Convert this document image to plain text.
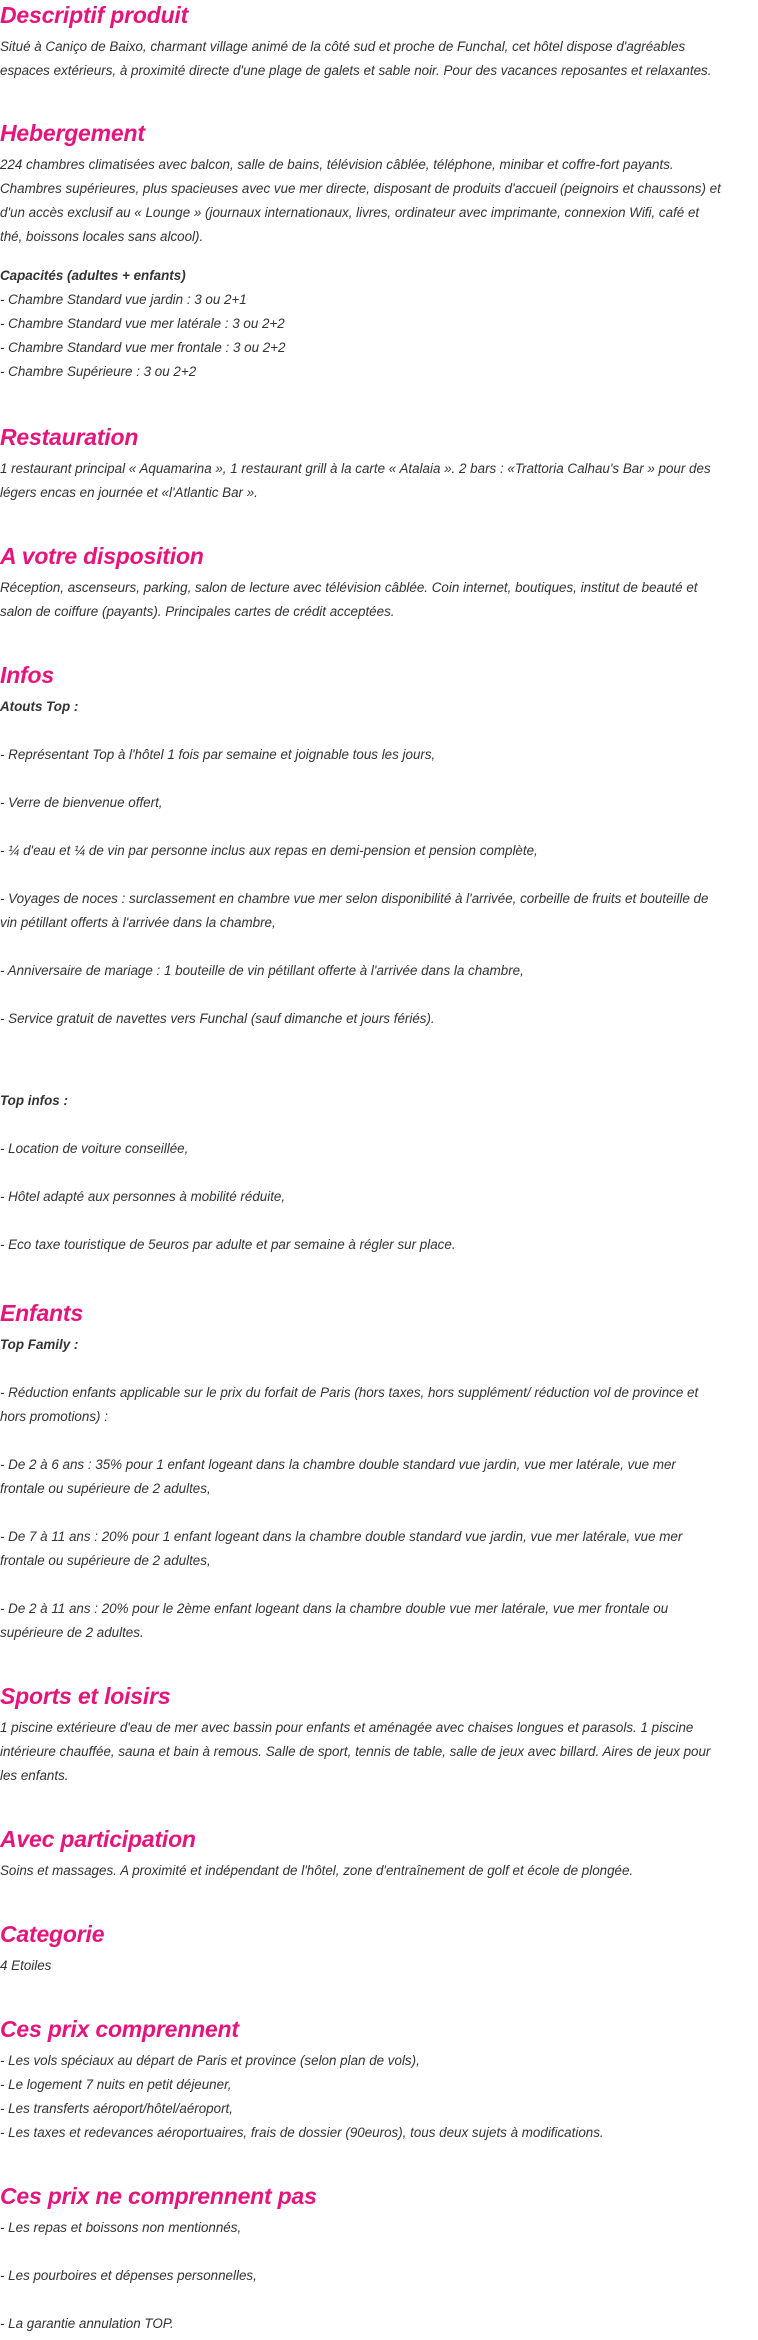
Descriptif produit

Situé à Caniço de Baixo, charmant village animé de la côté sud et proche de Funchal, cet hôtel dispose d'agréables

espaces extérieurs, à proximité directe d'une plage de galets et sable noir. Pour des vacances reposantes et relaxantes.

Hebergement

224 chambres climatisées avec balcon, salle de bains, télévision câblée, téléphone, minibar et coffre-fort payants.

Chambres supérieures, plus spacieuses avec vue mer directe, disposant de produits d'accueil (peignoirs et chaussons) et

d'un accès exclusif au « Lounge » (journaux internationaux, livres, ordinateur avec imprimante, connexion Wifi, café et

thé, boissons locales sans alcool).

Capacités (adultes + enfants)

- Chambre Standard vue jardin : 3 ou 2+1

- Chambre Standard vue mer latérale : 3 ou 2+2

- Chambre Standard vue mer frontale : 3 ou 2+2

- Chambre Supérieure : 3 ou 2+2

Restauration

1 restaurant principal « Aquamarina », 1 restaurant grill à la carte « Atalaia ». 2 bars : «Trattoria Calhau's Bar » pour des

légers encas en journée et «l'Atlantic Bar ».

A votre disposition

Réception, ascenseurs, parking, salon de lecture avec télévision câblée. Coin internet, boutiques, institut de beauté et

salon de coiffure (payants). Principales cartes de crédit acceptées.

Infos

Atouts Top :

- Représentant Top à l'hôtel 1 fois par semaine et joignable tous les jours,

- Verre de bienvenue offert,

- ¼ d'eau et ¼ de vin par personne inclus aux repas en demi-pension et pension complète,

- Voyages de noces : surclassement en chambre vue mer selon disponibilité à l'arrivée, corbeille de fruits et bouteille de

vin pétillant offerts à l'arrivée dans la chambre,

- Anniversaire de mariage : 1 bouteille de vin pétillant offerte à l'arrivée dans la chambre,

- Service gratuit de navettes vers Funchal (sauf dimanche et jours fériés).

Top infos :

- Location de voiture conseillée,

- Hôtel adapté aux personnes à mobilité réduite,

- Eco taxe touristique de 5euros par adulte et par semaine à régler sur place.

Enfants

Top Family :

- Réduction enfants applicable sur le prix du forfait de Paris (hors taxes, hors supplément/ réduction vol de province et

hors promotions) :

- De 2 à 6 ans : 35% pour 1 enfant logeant dans la chambre double standard vue jardin, vue mer latérale, vue mer

frontale ou supérieure de 2 adultes,

- De 7 à 11 ans : 20% pour 1 enfant logeant dans la chambre double standard vue jardin, vue mer latérale, vue mer

frontale ou supérieure de 2 adultes,

- De 2 à 11 ans : 20% pour le 2ème enfant logeant dans la chambre double vue mer latérale, vue mer frontale ou

supérieure de 2 adultes.

Sports et loisirs

1 piscine extérieure d'eau de mer avec bassin pour enfants et aménagée avec chaises longues et parasols. 1 piscine

intérieure chauffée, sauna et bain à remous. Salle de sport, tennis de table, salle de jeux avec billard. Aires de jeux pour

les enfants.

Avec participation

Soins et massages. A proximité et indépendant de l'hôtel, zone d'entraînement de golf et école de plongée.

Categorie

4 Etoiles

Ces prix comprennent

- Les vols spéciaux au départ de Paris et province (selon plan de vols),

- Le logement 7 nuits en petit déjeuner,

- Les transferts aéroport/hôtel/aéroport,

- Les taxes et redevances aéroportuaires, frais de dossier (90euros), tous deux sujets à modifications.

Ces prix ne comprennent pas

- Les repas et boissons non mentionnés,

- Les pourboires et dépenses personnelles,

- La garantie annulation TOP.
